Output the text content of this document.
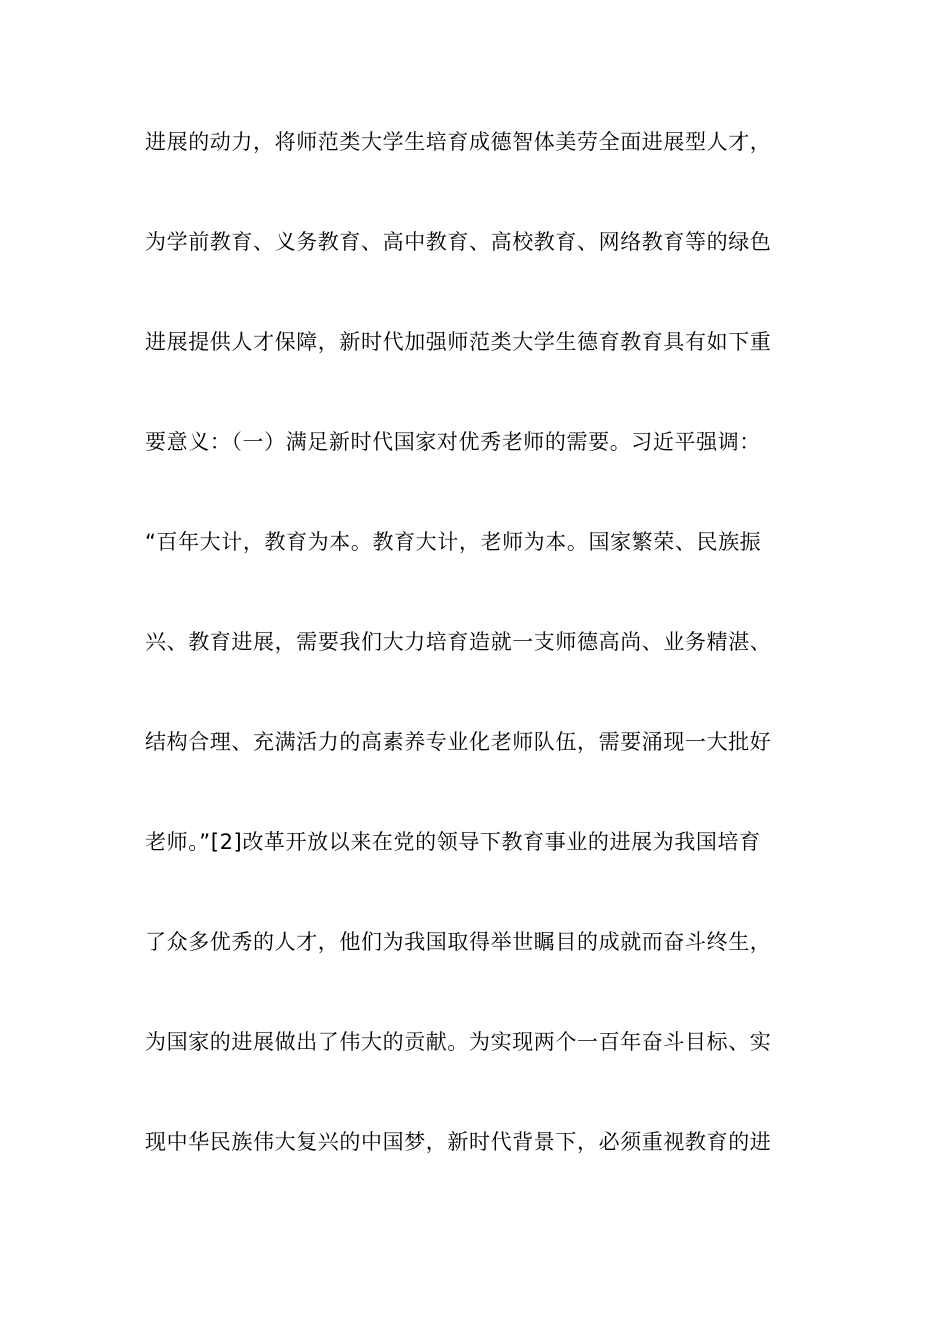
进展的动力，将师范类大学生培育成德智体美劳全面进展型人才，
为学前教育、义务教育、高中教育、高校教育、网络教育等的绿色
进展提供人才保障，新时代加强师范类大学生德育教育具有如下重
要意义：（一）满足新时代国家对优秀老师的需要。习近平强调：
“百年大计，教育为本。教育大计，老师为本。国家繁荣、民族振
兴、教育进展，需要我们大力培育造就一支师德高尚、业务精湛、
结构合理、充满活力的高素养专业化老师队伍，需要涌现一大批好
老师。”[2]改革开放以来在党的领导下教育事业的进展为我国培育
了众多优秀的人才，他们为我国取得举世瞩目的成就而奋斗终生，
为国家的进展做出了伟大的贡献。为实现两个一百年奋斗目标、实
现中华民族伟大复兴的中国梦，新时代背景下，必须重视教育的进
